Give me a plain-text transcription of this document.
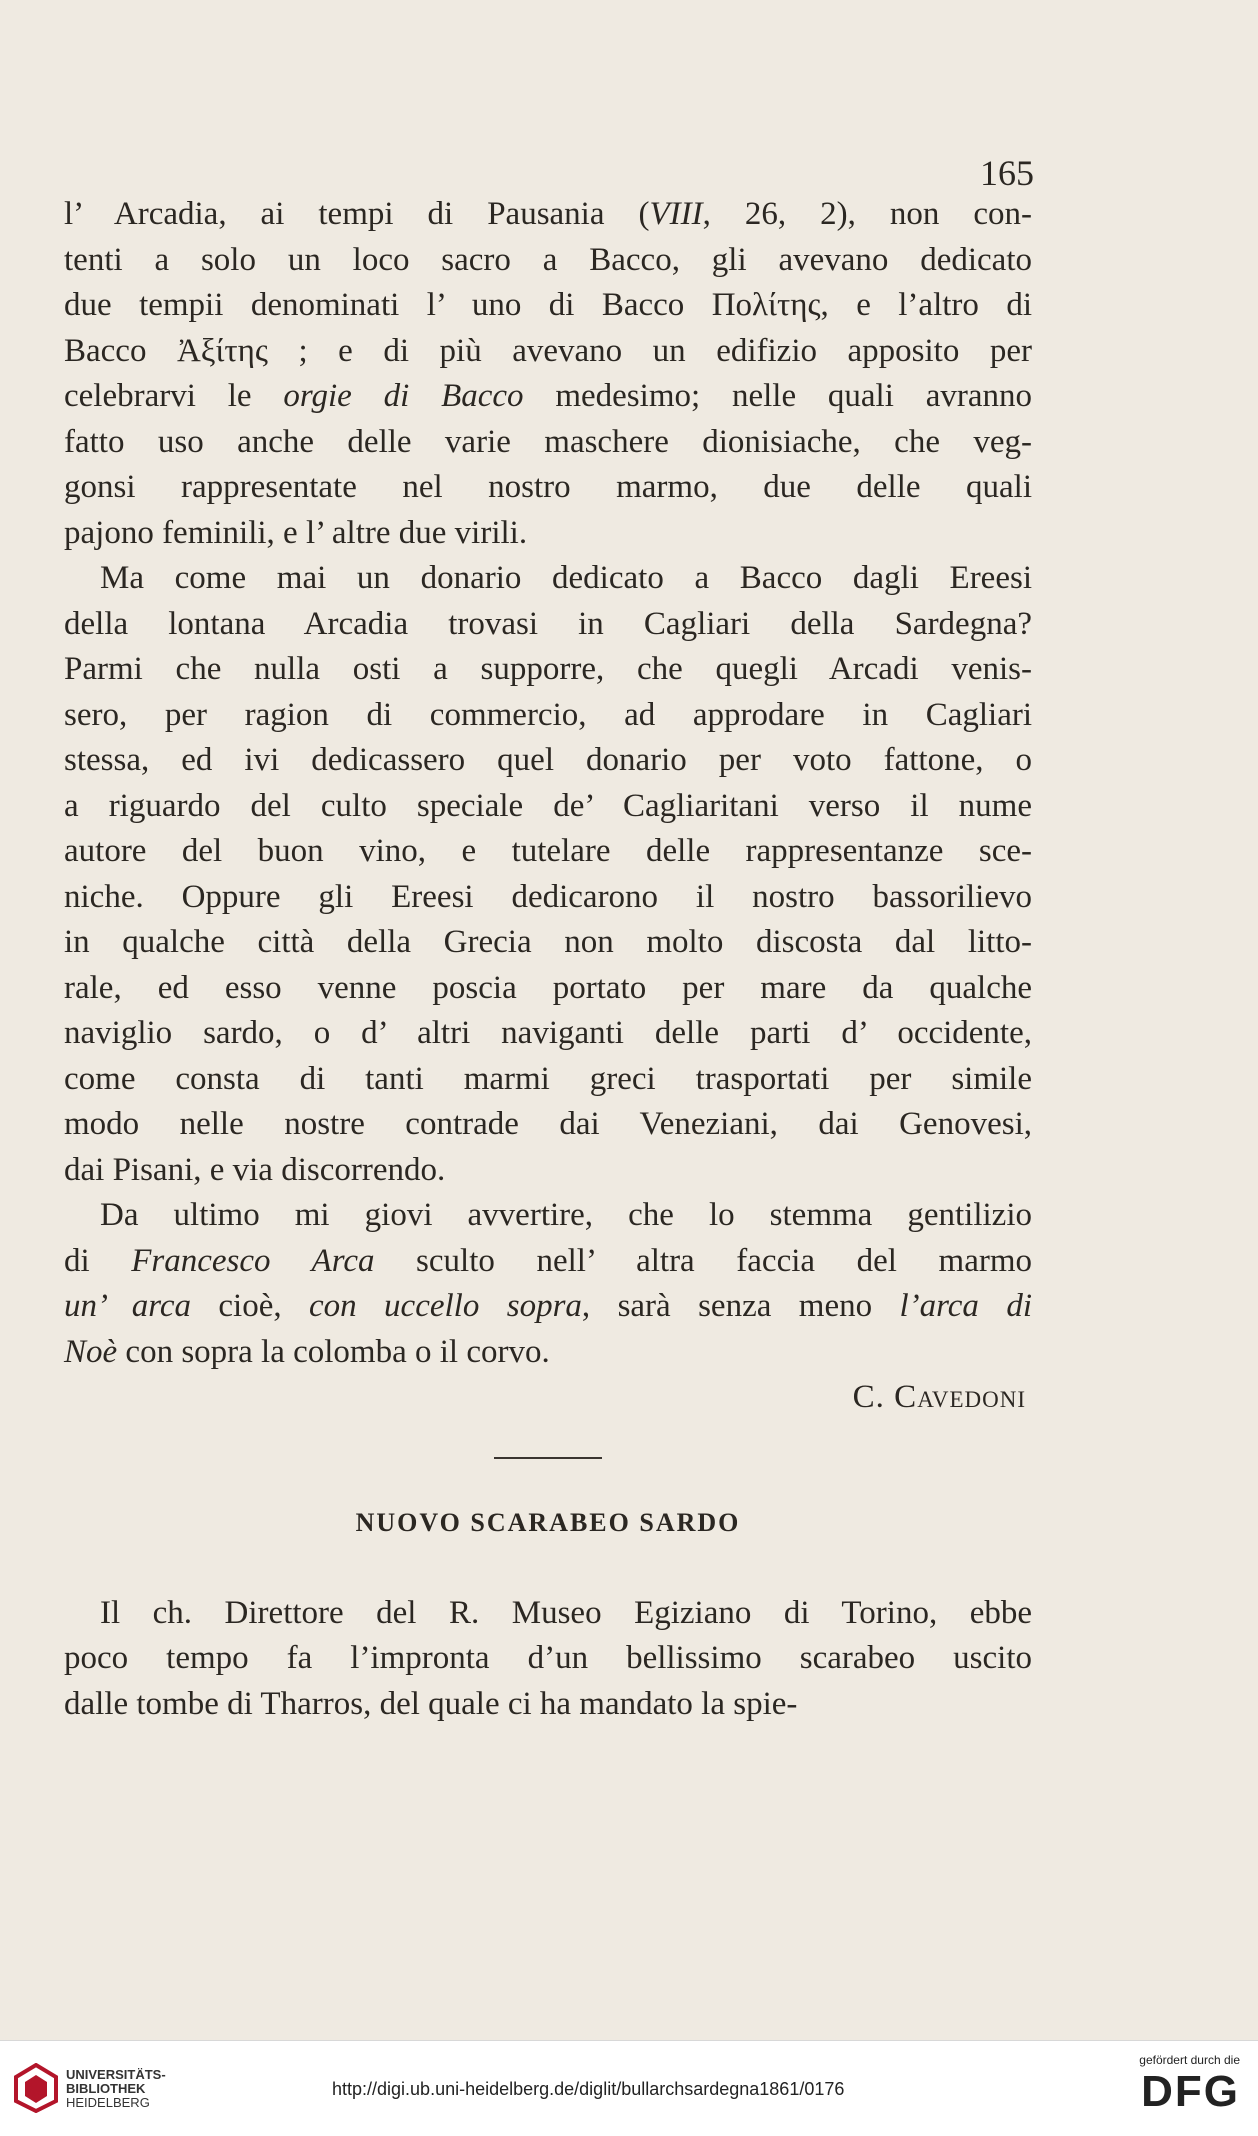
165
l’ Arcadia, ai tempi di Pausania (VIII, 26, 2), non con-
tenti a solo un loco sacro a Bacco, gli avevano dedicato
due tempii denominati l’ uno di Bacco Πολίτης, e l’altro di
Bacco Ἀξίτης ; e di più avevano un edifizio apposito per
celebrarvi le orgie di Bacco medesimo; nelle quali avranno
fatto uso anche delle varie maschere dionisiache, che veg-
gonsi rappresentate nel nostro marmo, due delle quali
pajono feminili, e l’ altre due virili.
Ma come mai un donario dedicato a Bacco dagli Ereesi
della lontana Arcadia trovasi in Cagliari della Sardegna?
Parmi che nulla osti a supporre, che quegli Arcadi venis-
sero, per ragion di commercio, ad approdare in Cagliari
stessa, ed ivi dedicassero quel donario per voto fattone, o
a riguardo del culto speciale de’ Cagliaritani verso il nume
autore del buon vino, e tutelare delle rappresentanze sce-
niche. Oppure gli Ereesi dedicarono il nostro bassorilievo
in qualche città della Grecia non molto discosta dal litto-
rale, ed esso venne poscia portato per mare da qualche
naviglio sardo, o d’ altri naviganti delle parti d’ occidente,
come consta di tanti marmi greci trasportati per simile
modo nelle nostre contrade dai Veneziani, dai Genovesi,
dai Pisani, e via discorrendo.
Da ultimo mi giovi avvertire, che lo stemma gentilizio
di Francesco Arca sculto nell’ altra faccia del marmo
un’ arca cioè, con uccello sopra, sarà senza meno l’arca di
Noè con sopra la colomba o il corvo.
C. Cavedoni
NUOVO SCARABEO SARDO
Il ch. Direttore del R. Museo Egiziano di Torino, ebbe
poco tempo fa l’impronta d’un bellissimo scarabeo uscito
dalle tombe di Tharros, del quale ci ha mandato la spie-
UNIVERSITÄTS-
BIBLIOTHEK
HEIDELBERG
http://digi.ub.uni-heidelberg.de/diglit/bullarchsardegna1861/0176
gefördert durch die
DFG
